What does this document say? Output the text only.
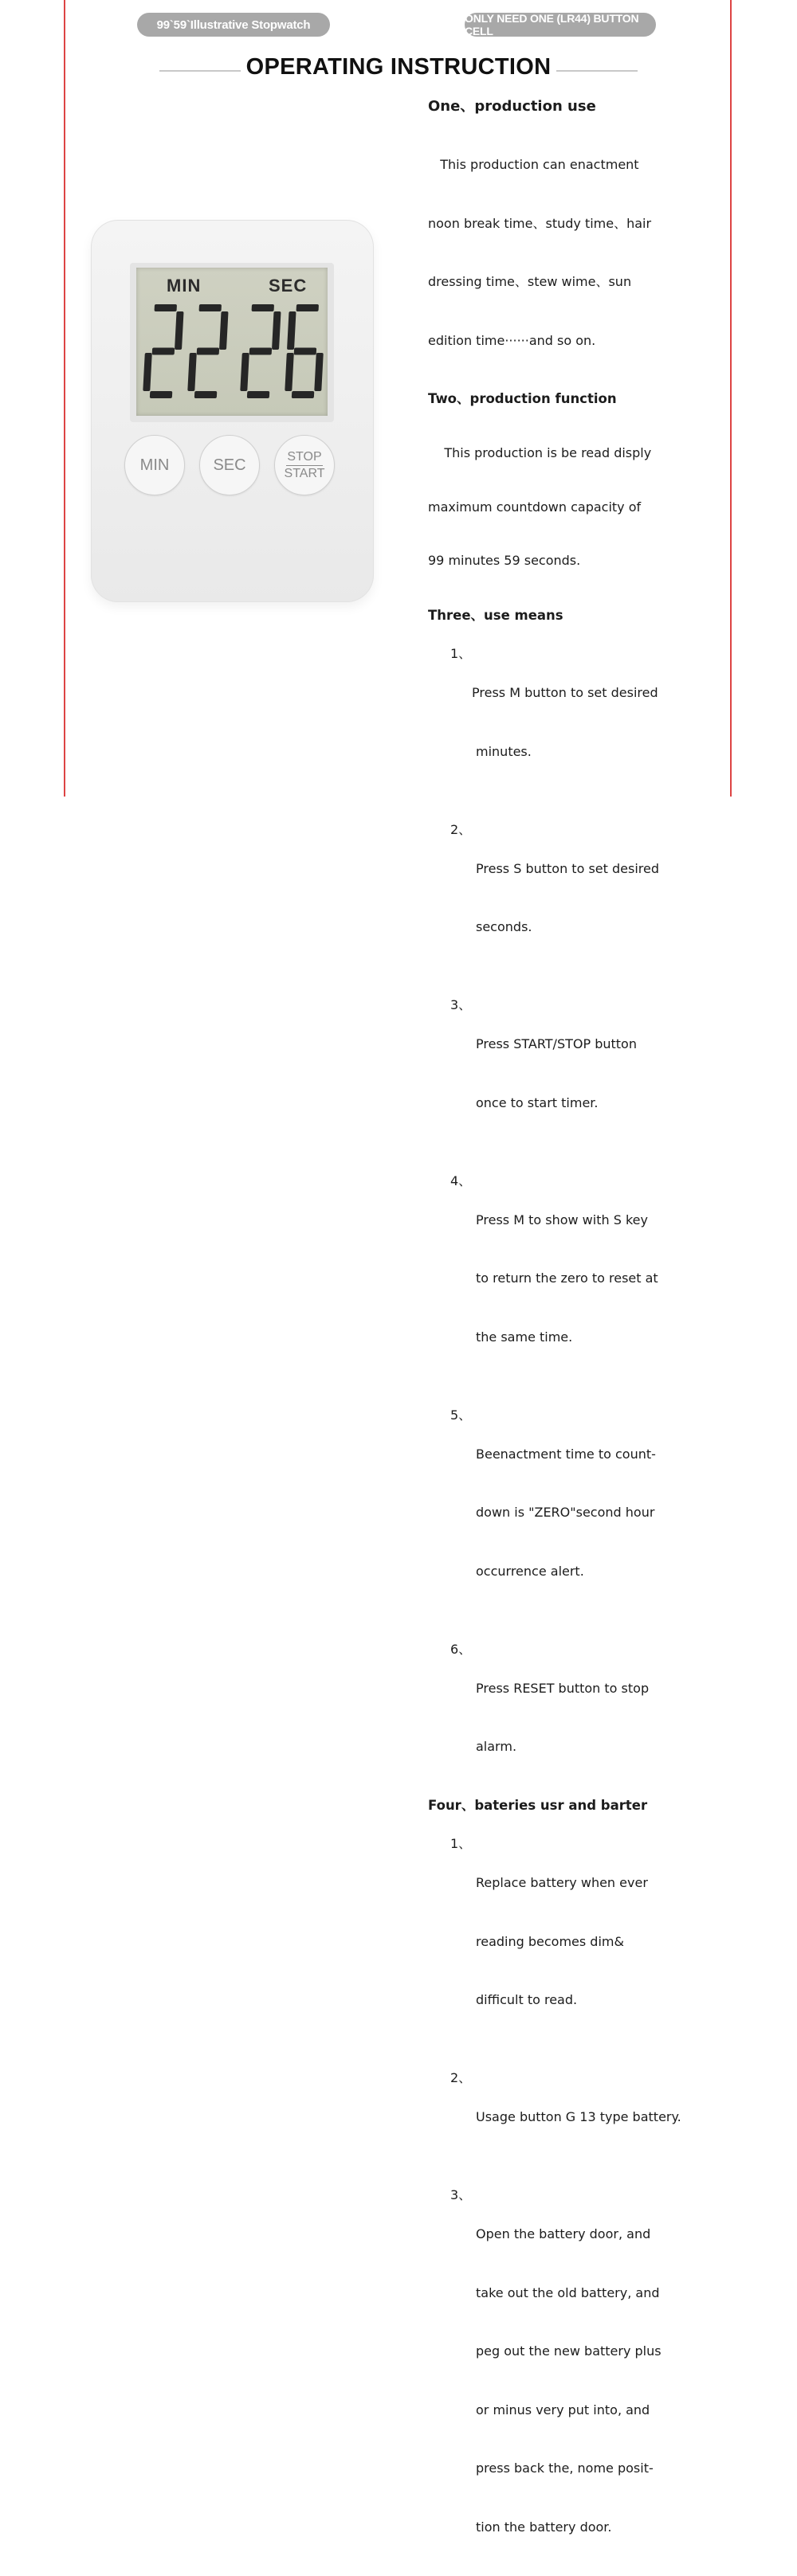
99`59`Illustrative Stopwatch	ONLY NEED ONE (LR44) BUTTON CELL
OPERATING INSTRUCTION
MIN	SEC
MIN	SEC	STOP
START
One、production use

This production can enactment

noon break time、study time、hair

dressing time、stew wime、sun

edition time······and so on.

Two、production function

This production is be read disply

maximum countdown capacity of

99 minutes 59 seconds.

Three、use means

1、

Press M button to set desired

minutes.

2、

Press S button to set desired

seconds.

3、

Press START/STOP button

once to start timer.

4、

Press M to show with S key

to return the zero to reset at

the same time.

5、

Beenactment time to count-

down is "ZERO"second hour

occurrence alert.

6、

Press RESET button to stop

alarm.

Four、bateries usr and barter

1、

Replace battery when ever

reading becomes dim&

difficult to read.

2、

Usage button G 13 type battery.

3、

Open the battery door, and

take out the old battery, and

peg out the new battery plus

or minus very put into, and

press back the, nome posit-

tion the battery door.
